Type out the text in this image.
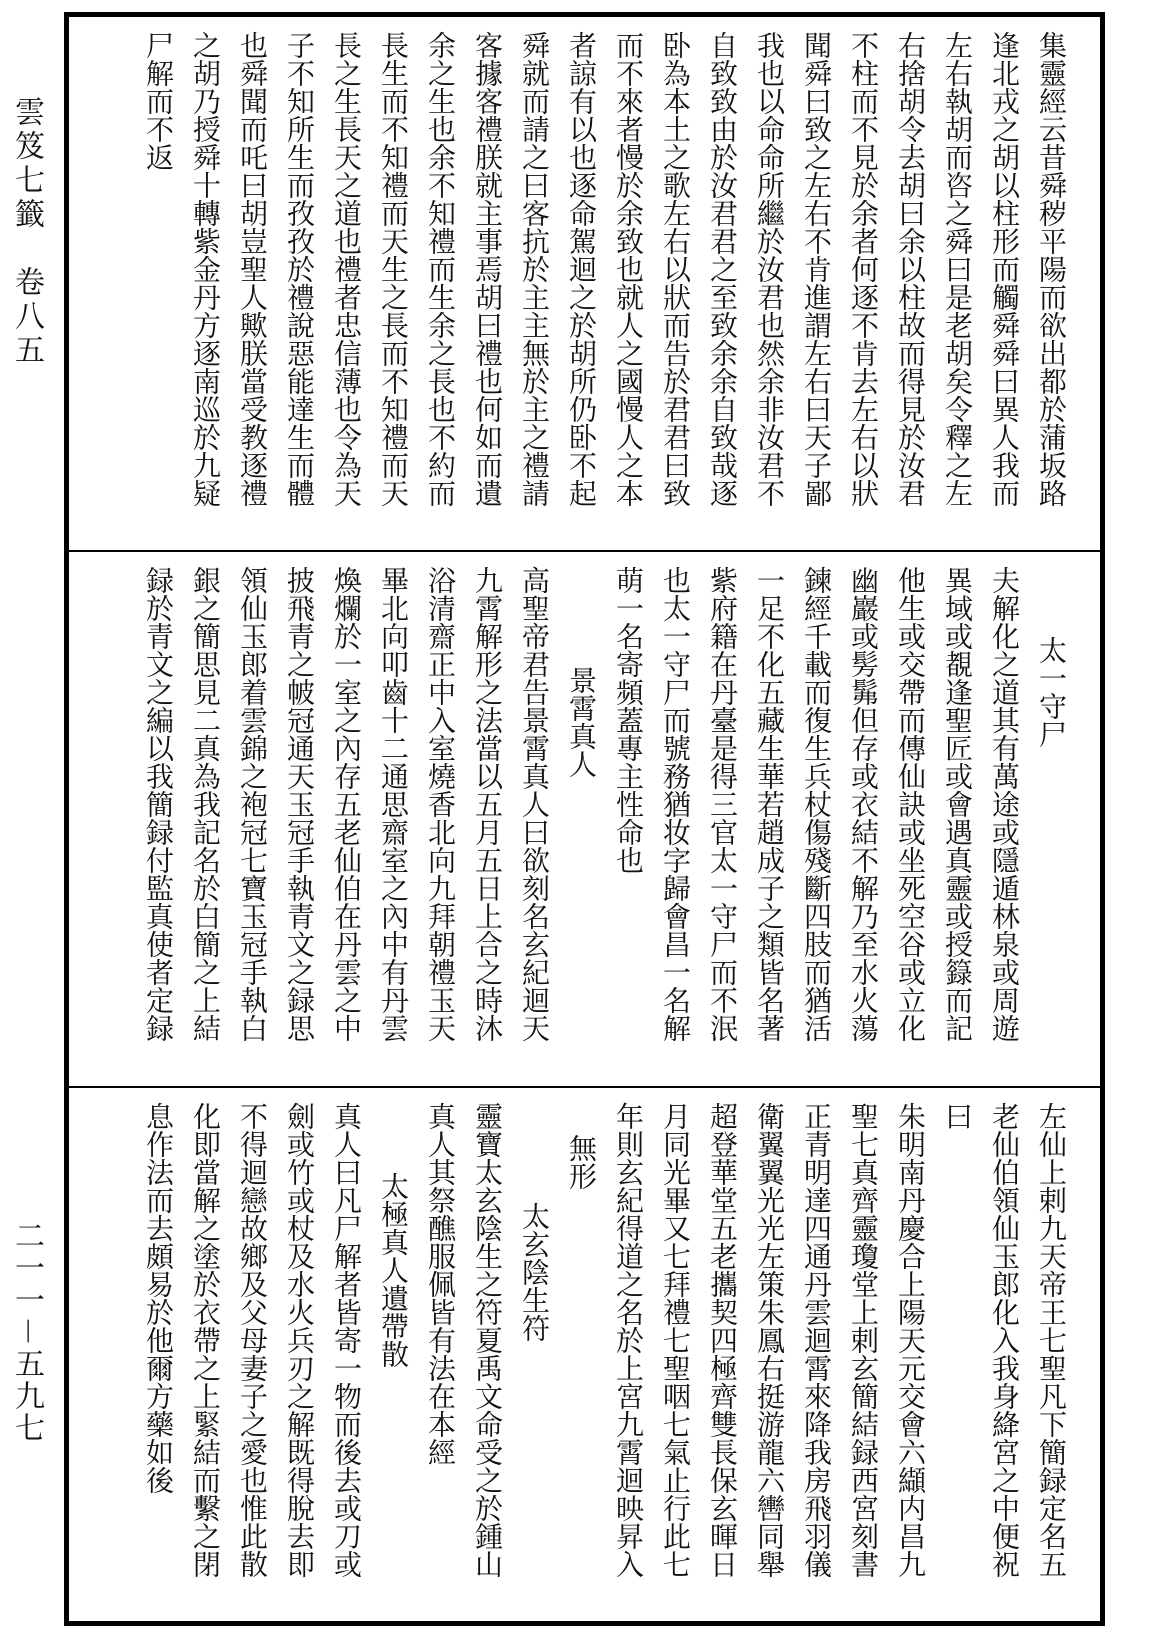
雲笈七籤　卷八五
二一一－五九七
集靈經云昔舜秽平陽而欲出都於蒲坂路
逢北戎之胡以柱形而觸舜舜曰異人我而
左右執胡而咨之舜曰是老胡矣令釋之左
右捨胡令去胡曰余以柱故而得見於汝君
不柱而不見於余者何逐不肯去左右以狀
聞舜曰致之左右不肯進謂左右曰天子鄙
我也以命命所繼於汝君也然余非汝君不
自致致由於汝君君之至致余余自致哉逐
卧為本土之歌左右以狀而告於君君曰致
而不來者慢於余致也就人之國慢人之本
者諒有以也逐命駕迴之於胡所仍卧不起
舜就而請之曰客抗於主主無於主之禮請
客據客禮朕就主事焉胡曰禮也何如而遺
余之生也余不知禮而生余之長也不約而
長生而不知禮而天生之長而不知禮而天
長之生長天之道也禮者忠信薄也令為天
子不知所生而孜孜於禮說惡能達生而體
也舜聞而吒曰胡豈聖人歟朕當受教逐禮
之胡乃授舜十轉紫金丹方逐南巡於九疑
尸解而不返
太一守尸
夫解化之道其有萬途或隱遁林泉或周遊
異域或覩逢聖匠或會遇真靈或授籙而記
他生或交帶而傳仙訣或坐死空谷或立化
幽巖或髣髴但存或衣結不解乃至水火蕩
鍊經千載而復生兵杖傷殘斷四肢而猶活
一足不化五藏生華若趙成子之類皆名著
紫府籍在丹臺是得三官太一守尸而不泯
也太一守尸而號務猶妆字歸會昌一名解
萌一名寄頻蓋專主性命也
景霄真人
高聖帝君告景霄真人曰欲刻名玄紀迴天
九霄解形之法當以五月五日上合之時沐
浴清齋正中入室燒香北向九拜朝禮玉天
畢北向叩齒十二通思齋室之內中有丹雲
煥爛於一室之內存五老仙伯在丹雲之中
披飛青之帔冠通天玉冠手執青文之録思
領仙玉郎着雲錦之袍冠七寶玉冠手執白
銀之簡思見二真為我記名於白簡之上結
録於青文之編以我簡録付監真使者定録
左仙上剌九天帝王七聖凡下簡録定名五
老仙伯領仙玉郎化入我身絳宮之中便祝
曰
朱明南丹慶合上陽天元交會六纈内昌九
聖七真齊靈瓊堂上剌玄簡結録西宮刻書
正青明達四通丹雲迴霄來降我房飛羽儀
衛翼翼光光左策朱鳳右挺游龍六轡同舉
超登華堂五老攜契四極齊雙長保玄暉日
月同光畢又七拜禮七聖咽七氣止行此七
年則玄紀得道之名於上宮九霄迴映昇入
無形
太玄陰生符
靈寶太玄陰生之符夏禹文命受之於鍾山
真人其祭醮服佩皆有法在本經
太極真人遺帶散
真人曰凡尸解者皆寄一物而後去或刀或
劍或竹或杖及水火兵刃之解既得脫去即
不得迴戀故鄉及父母妻子之愛也惟此散
化即當解之塗於衣帶之上緊結而繫之閉
息作法而去頗易於他爾方藥如後
